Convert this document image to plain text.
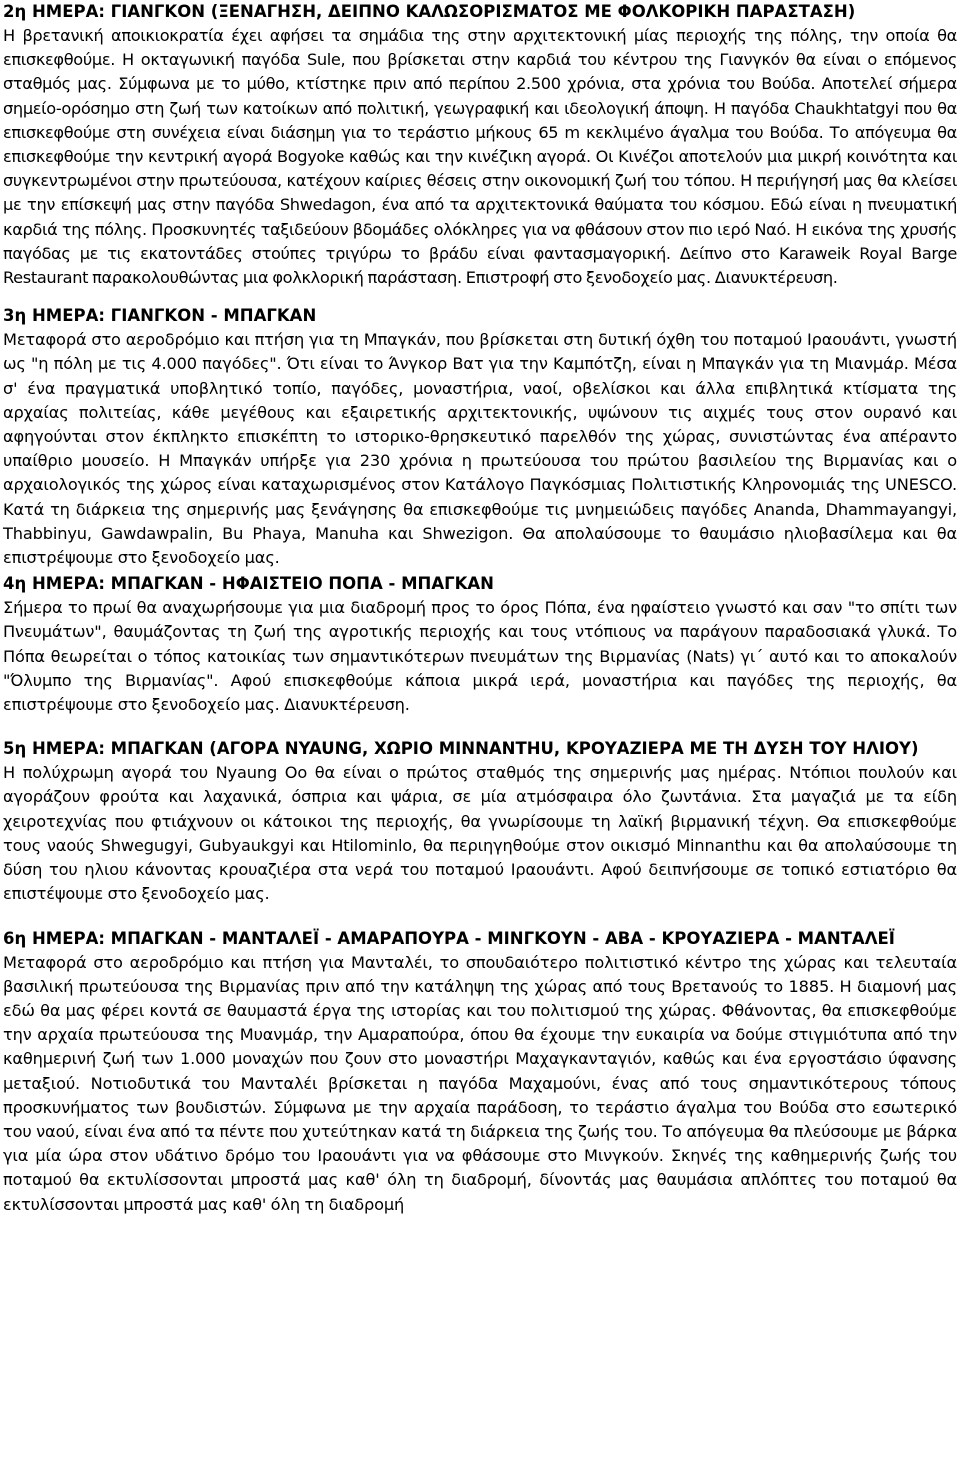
2η ΗΜΕΡΑ: ΓΙΑΝΓΚΟΝ (ΞΕΝΑΓΗΣΗ, ΔΕΙΠΝΟ ΚΑΛΩΣΟΡΙΣΜΑΤΟΣ ΜΕ ΦΟΛΚΟΡΙΚΗ ΠΑΡΑΣΤΑΣΗ)

Η βρετανική αποικιοκρατία έχει αφήσει τα σημάδια της στην αρχιτεκτονική μίας περιοχής της πόλης, την οποία θα επισκεφθούμε. Η οκταγωνική παγόδα Sule, που βρίσκεται στην καρδιά του κέντρου της Γιανγκόν θα είναι ο επόμενος σταθμός μας. Σύμφωνα με το μύθο, κτίστηκε πριν από περίπου 2.500 χρόνια, στα χρόνια του Βούδα. Αποτελεί σήμερα σημείο-ορόσημο στη ζωή των κατοίκων από πολιτική, γεωγραφική και ιδεολογική άποψη. Η παγόδα Chaukhtatgyi που θα επισκεφθούμε στη συνέχεια είναι διάσημη για το τεράστιο μήκους 65 m κεκλιμένο άγαλμα του Βούδα. Το απόγευμα θα επισκεφθούμε την κεντρική αγορά Bogyoke καθώς και την κινέζικη αγορά. Οι Κινέζοι αποτελούν μια μικρή κοινότητα και συγκεντρωμένοι στην πρωτεύουσα, κατέχουν καίριες θέσεις στην οικονομική ζωή του τόπου. Η περιήγησή μας θα κλείσει με την επίσκεψή μας στην παγόδα Shwedagon, ένα από τα αρχιτεκτονικά θαύματα του κόσμου. Εδώ είναι η πνευματική καρδιά της πόλης. Προσκυνητές ταξιδεύουν βδομάδες ολόκληρες για να φθάσουν στον πιο ιερό Ναό. Η εικόνα της χρυσής παγόδας με τις εκατοντάδες στούπες τριγύρω το βράδυ είναι φαντασμαγορική. Δείπνο στο Karaweik Royal Barge Restaurant παρακολουθώντας μια φολκλορική παράσταση. Επιστροφή στο ξενοδοχείο μας. Διανυκτέρευση.

3η ΗΜΕΡΑ: ΓΙΑΝΓΚΟΝ - ΜΠΑΓΚΑΝ

Μεταφορά στο αεροδρόμιο και πτήση για τη Μπαγκάν, που βρίσκεται στη δυτική όχθη του ποταμού Ιραουάντι, γνωστή ως "η πόλη με τις 4.000 παγόδες". Ότι είναι το Άνγκορ Βατ για την Καμπότζη, είναι η Μπαγκάν για τη Μιανμάρ. Μέσα σ' ένα πραγματικά υποβλητικό τοπίο, παγόδες, μοναστήρια, ναοί, οβελίσκοι και άλλα επιβλητικά κτίσματα της αρχαίας πολιτείας, κάθε μεγέθους και εξαιρετικής αρχιτεκτονικής, υψώνουν τις αιχμές τους στον ουρανό και αφηγούνται στον έκπληκτο επισκέπτη το ιστορικο-θρησκευτικό παρελθόν της χώρας, συνιστώντας ένα απέραντο υπαίθριο μουσείο. Η Μπαγκάν υπήρξε για 230 χρόνια η πρωτεύουσα του πρώτου βασιλείου της Βιρμανίας και ο αρχαιολογικός της χώρος είναι καταχωρισμένος στον Κατάλογο Παγκόσμιας Πολιτιστικής Κληρονομιάς της UNESCO. Κατά τη διάρκεια της σημερινής μας ξενάγησης θα επισκεφθούμε τις μνημειώδεις παγόδες Ananda, Dhammayangyi, Thabbinyu, Gawdawpalin, Bu Phaya, Manuha και Shwezigon. Θα απολαύσουμε το θαυμάσιο ηλιοβασίλεμα και θα επιστρέψουμε στο ξενοδοχείο μας.

4η ΗΜΕΡΑ: ΜΠΑΓΚΑΝ - ΗΦΑΙΣΤΕΙΟ ΠΟΠΑ - ΜΠΑΓΚΑΝ

Σήμερα το πρωί θα αναχωρήσουμε για μια διαδρομή προς το όρος Πόπα, ένα ηφαίστειο γνωστό και σαν "το σπίτι των Πνευμάτων", θαυμάζοντας τη ζωή της αγροτικής περιοχής και τους ντόπιους να παράγουν παραδοσιακά γλυκά. Το Πόπα θεωρείται ο τόπος κατοικίας των σημαντικότερων πνευμάτων της Βιρμανίας (Nats) γι΄ αυτό και το αποκαλούν "Όλυμπο της Βιρμανίας". Αφού επισκεφθούμε κάποια μικρά ιερά, μοναστήρια και παγόδες της περιοχής, θα επιστρέψουμε στο ξενοδοχείο μας. Διανυκτέρευση.

5η ΗΜΕΡΑ: ΜΠΑΓΚΑΝ (ΑΓΟΡΑ NYAUNG, ΧΩΡΙΟ MINNANTHU, ΚΡΟΥΑΖΙΕΡΑ ΜΕ ΤΗ ΔΥΣΗ ΤΟΥ ΗΛΙΟΥ)

Η πολύχρωμη αγορά του Nyaung Oo θα είναι ο πρώτος σταθμός της σημερινής μας ημέρας. Ντόπιοι πουλούν και αγοράζουν φρούτα και λαχανικά, όσπρια και ψάρια, σε μία ατμόσφαιρα όλο ζωντάνια. Στα μαγαζιά με τα είδη χειροτεχνίας που φτιάχνουν οι κάτοικοι της περιοχής, θα γνωρίσουμε τη λαϊκή βιρμανική τέχνη. Θα επισκεφθούμε τους ναούς Shwegugyi, Gubyaukgyi και Htilominlo, θα περιηγηθούμε στον οικισμό Minnanthu και θα απολαύσουμε τη δύση του ηλιου κάνοντας κρουαζιέρα στα νερά του ποταμού Ιραουάντι. Αφού δειπνήσουμε σε τοπικό εστιατόριο θα επιστέψουμε στο ξενοδοχείο μας.

6η ΗΜΕΡΑ: ΜΠΑΓΚΑΝ - ΜΑΝΤΑΛΕΪ - ΑΜΑΡΑΠΟΥΡΑ - ΜΙΝΓΚΟΥΝ - ΑΒΑ - ΚΡΟΥΑΖΙΕΡΑ - ΜΑΝΤΑΛΕΪ

Μεταφορά στο αεροδρόμιο και πτήση για Μανταλέι, το σπουδαιότερο πολιτιστικό κέντρο της χώρας και τελευταία βασιλική πρωτεύουσα της Βιρμανίας πριν από την κατάληψη της χώρας από τους Βρετανούς το 1885. Η διαμονή μας εδώ θα μας φέρει κοντά σε θαυμαστά έργα της ιστορίας και του πολιτισμού της χώρας. Φθάνοντας, θα επισκεφθούμε την αρχαία πρωτεύουσα της Μυανμάρ, την Αμαραπούρα, όπου θα έχουμε την ευκαιρία να δούμε στιγμιότυπα από την καθημερινή ζωή των 1.000 μοναχών που ζουν στο μοναστήρι Μαχαγκανταγιόν, καθώς και ένα εργοστάσιο ύφανσης μεταξιού. Νοτιοδυτικά του Μανταλέι βρίσκεται η παγόδα Μαχαμούνι, ένας από τους σημαντικότερους τόπους προσκυνήματος των βουδιστών. Σύμφωνα με την αρχαία παράδοση, το τεράστιο άγαλμα του Βούδα στο εσωτερικό του ναού, είναι ένα από τα πέντε που χυτεύτηκαν κατά τη διάρκεια της ζωής του. Το απόγευμα θα πλεύσουμε με βάρκα για μία ώρα στον υδάτινο δρόμο του Ιραουάντι για να φθάσουμε στο Μινγκούν. Σκηνές της καθημερινής ζωής του ποταμού θα εκτυλίσσονται μπροστά μας καθ' όλη τη διαδρομή, δίνοντάς μας θαυμάσια απλόπτες του ποταμού θα εκτυλίσσονται μπροστά μας καθ' όλη τη διαδρομή
